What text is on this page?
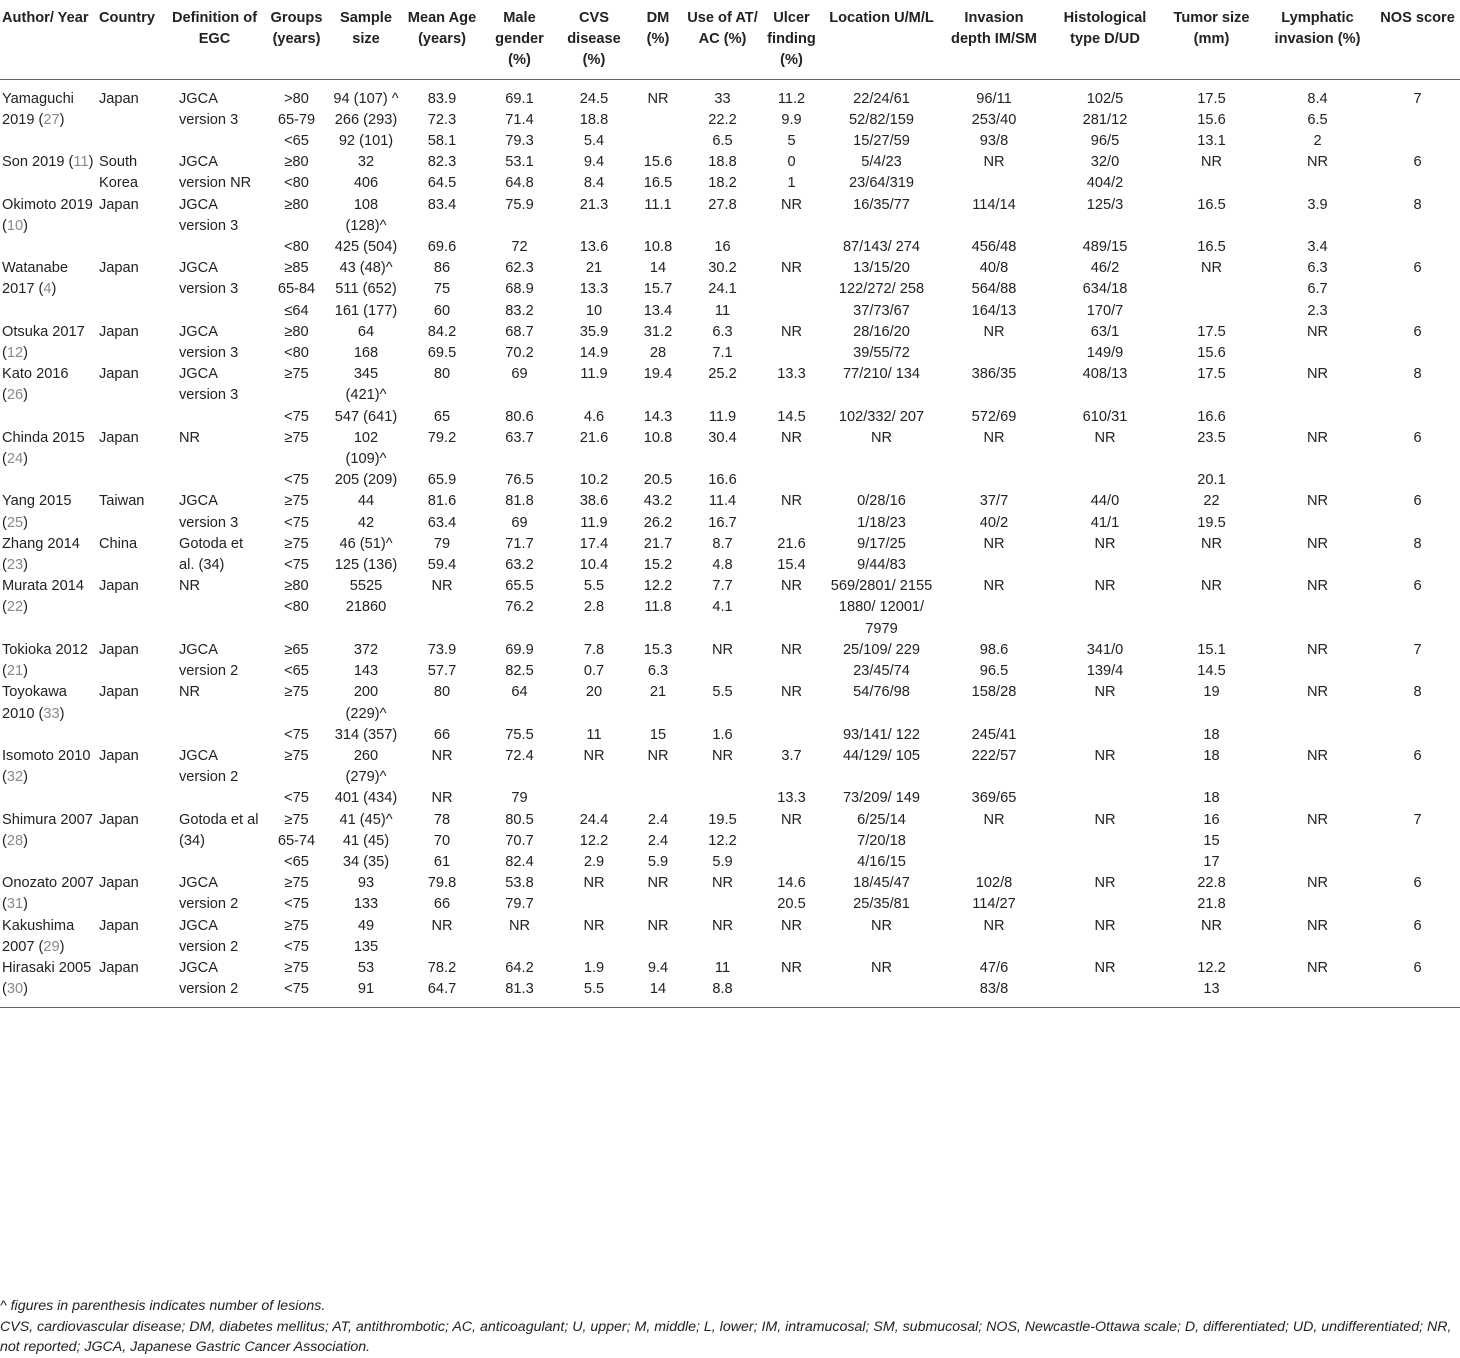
Author/ Year	Country	Definition of EGC	Groups (years)	Sample size	Mean Age (years)	Male gender (%)	CVS disease (%)	DM (%)	Use of AT/ AC (%)	Ulcer finding (%)	Location U/M/L	Invasion depth IM/SM	Histological type D/UD	Tumor size (mm)	Lymphatic invasion (%)	NOS score
Yamaguchi 2019 (27)	Japan	JGCA version 3	>80	94 (107) ^	83.9	69.1	24.5	NR	33	11.2	22/24/61	96/11	102/5	17.5	8.4	7
			65-79	266 (293)	72.3	71.4	18.8		22.2	9.9	52/82/159	253/40	281/12	15.6	6.5	
			<65	92 (101)	58.1	79.3	5.4		6.5	5	15/27/59	93/8	96/5	13.1	2	
Son 2019 (11)	South Korea	JGCA version NR	≥80	32	82.3	53.1	9.4	15.6	18.8	0	5/4/23	NR	32/0	NR	NR	6
			<80	406	64.5	64.8	8.4	16.5	18.2	1	23/64/319		404/2			
Okimoto 2019 (10)	Japan	JGCA version 3	≥80	108 (128)^	83.4	75.9	21.3	11.1	27.8	NR	16/35/77	114/14	125/3	16.5	3.9	8
			<80	425 (504)	69.6	72	13.6	10.8	16		87/143/ 274	456/48	489/15	16.5	3.4	
Watanabe 2017 (4)	Japan	JGCA version 3	≥85	43 (48)^	86	62.3	21	14	30.2	NR	13/15/20	40/8	46/2	NR	6.3	6
			65-84	511 (652)	75	68.9	13.3	15.7	24.1		122/272/ 258	564/88	634/18		6.7	
			≤64	161 (177)	60	83.2	10	13.4	11		37/73/67	164/13	170/7		2.3	
Otsuka 2017 (12)	Japan	JGCA version 3	≥80	64	84.2	68.7	35.9	31.2	6.3	NR	28/16/20	NR	63/1	17.5	NR	6
			<80	168	69.5	70.2	14.9	28	7.1		39/55/72		149/9	15.6		
Kato 2016 (26)	Japan	JGCA version 3	≥75	345 (421)^	80	69	11.9	19.4	25.2	13.3	77/210/ 134	386/35	408/13	17.5	NR	8
			<75	547 (641)	65	80.6	4.6	14.3	11.9	14.5	102/332/ 207	572/69	610/31	16.6		
Chinda 2015 (24)	Japan	NR	≥75	102 (109)^	79.2	63.7	21.6	10.8	30.4	NR	NR	NR	NR	23.5	NR	6
			<75	205 (209)	65.9	76.5	10.2	20.5	16.6					20.1		
Yang 2015 (25)	Taiwan	JGCA version 3	≥75	44	81.6	81.8	38.6	43.2	11.4	NR	0/28/16	37/7	44/0	22	NR	6
			<75	42	63.4	69	11.9	26.2	16.7		1/18/23	40/2	41/1	19.5		
Zhang 2014 (23)	China	Gotoda et al. (34)	≥75	46 (51)^	79	71.7	17.4	21.7	8.7	21.6	9/17/25	NR	NR	NR	NR	8
			<75	125 (136)	59.4	63.2	10.4	15.2	4.8	15.4	9/44/83					
Murata 2014 (22)	Japan	NR	≥80	5525	NR	65.5	5.5	12.2	7.7	NR	569/2801/ 2155	NR	NR	NR	NR	6
			<80	21860		76.2	2.8	11.8	4.1		1880/ 12001/ 7979					
Tokioka 2012 (21)	Japan	JGCA version 2	≥65	372	73.9	69.9	7.8	15.3	NR	NR	25/109/ 229	98.6	341/0	15.1	NR	7
			<65	143	57.7	82.5	0.7	6.3			23/45/74	96.5	139/4	14.5		
Toyokawa 2010 (33)	Japan	NR	≥75	200 (229)^	80	64	20	21	5.5	NR	54/76/98	158/28	NR	19	NR	8
			<75	314 (357)	66	75.5	11	15	1.6		93/141/ 122	245/41		18		
Isomoto 2010 (32)	Japan	JGCA version 2	≥75	260 (279)^	NR	72.4	NR	NR	NR	3.7	44/129/ 105	222/57	NR	18	NR	6
			<75	401 (434)	NR	79				13.3	73/209/ 149	369/65		18		
Shimura 2007 (28)	Japan	Gotoda et al (34)	≥75	41 (45)^	78	80.5	24.4	2.4	19.5	NR	6/25/14	NR	NR	16	NR	7
			65-74	41 (45)	70	70.7	12.2	2.4	12.2		7/20/18			15		
			<65	34 (35)	61	82.4	2.9	5.9	5.9		4/16/15			17		
Onozato 2007 (31)	Japan	JGCA version 2	≥75	93	79.8	53.8	NR	NR	NR	14.6	18/45/47	102/8	NR	22.8	NR	6
			<75	133	66	79.7				20.5	25/35/81	114/27		21.8		
Kakushima 2007 (29)	Japan	JGCA version 2	≥75	49	NR	NR	NR	NR	NR	NR	NR	NR	NR	NR	NR	6
			<75	135												
Hirasaki 2005 (30)	Japan	JGCA version 2	≥75	53	78.2	64.2	1.9	9.4	11	NR	NR	47/6	NR	12.2	NR	6
			<75	91	64.7	81.3	5.5	14	8.8			83/8		13		
^ figures in parenthesis indicates number of lesions.
CVS, cardiovascular disease; DM, diabetes mellitus; AT, antithrombotic; AC, anticoagulant; U, upper; M, middle; L, lower; IM, intramucosal; SM, submucosal; NOS, Newcastle-Ottawa scale; D, differentiated; UD, undifferentiated; NR, not reported; JGCA, Japanese Gastric Cancer Association.
